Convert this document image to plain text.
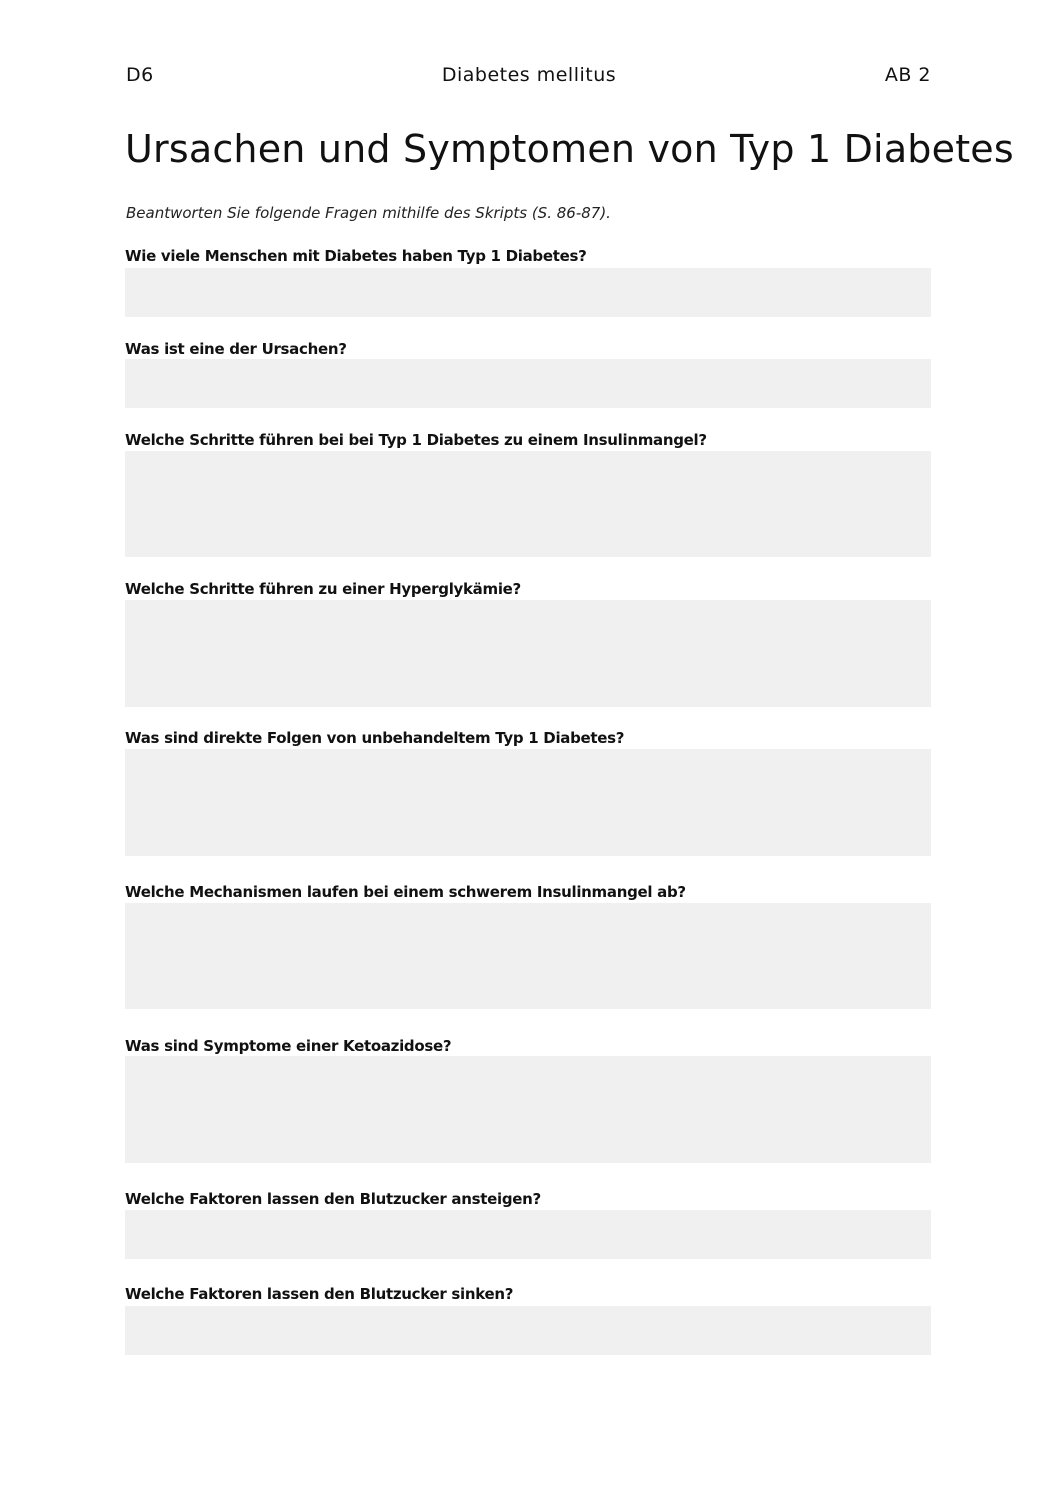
D6	Diabetes mellitus	AB 2
Ursachen und Symptomen von Typ 1 Diabetes
Beantworten Sie folgende Fragen mithilfe des Skripts (S. 86-87).
Wie viele Menschen mit Diabetes haben Typ 1 Diabetes?
Was ist eine der Ursachen?
Welche Schritte führen bei bei Typ 1 Diabetes zu einem Insulinmangel?
Welche Schritte führen zu einer Hyperglykämie?
Was sind direkte Folgen von unbehandeltem Typ 1 Diabetes?
Welche Mechanismen laufen bei einem schwerem Insulinmangel ab?
Was sind Symptome einer Ketoazidose?
Welche Faktoren lassen den Blutzucker ansteigen?
Welche Faktoren lassen den Blutzucker sinken?
